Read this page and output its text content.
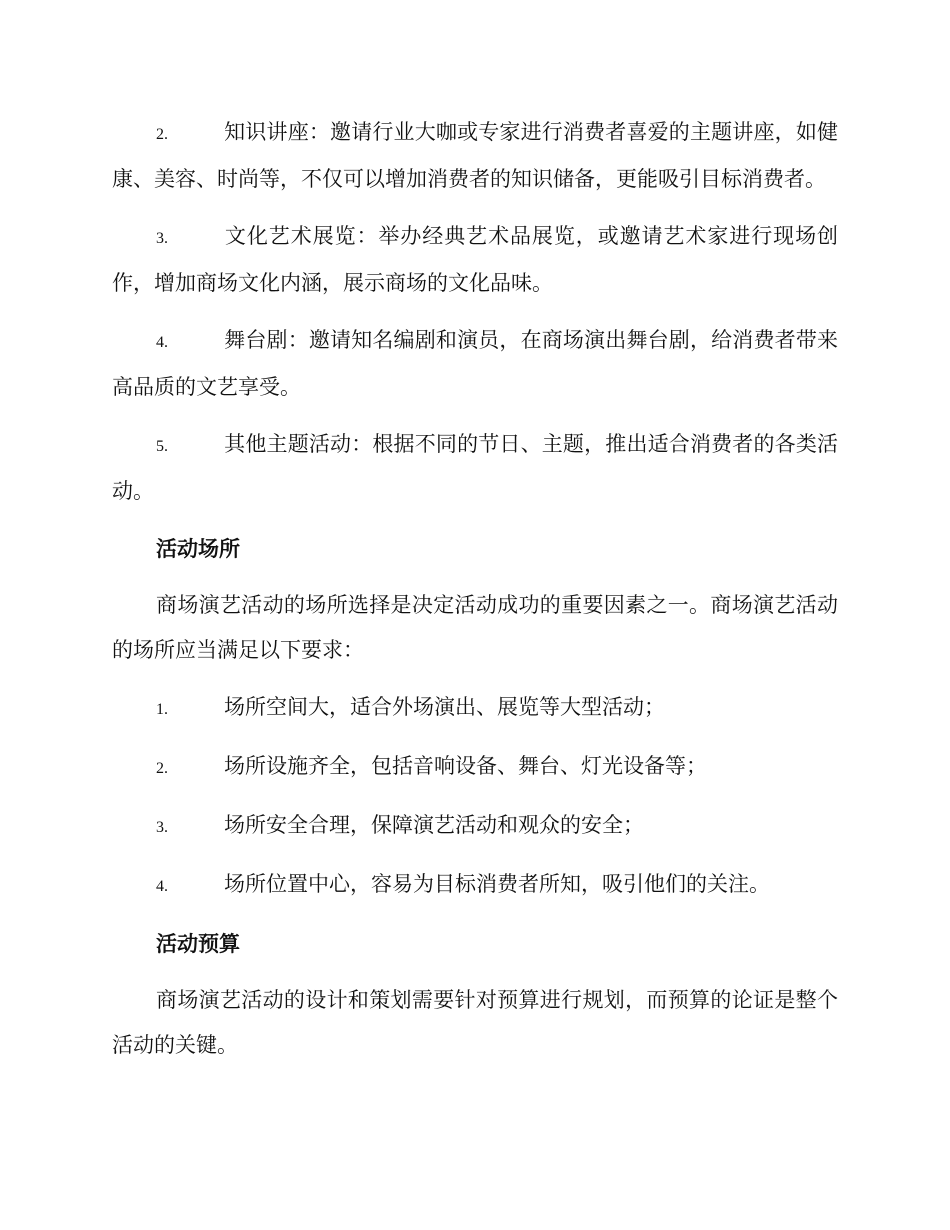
2.	知识讲座：邀请行业大咖或专家进行消费者喜爱的主题讲座，如健康、美容、时尚等，不仅可以增加消费者的知识储备，更能吸引目标消费者。

3.	文化艺术展览：举办经典艺术品展览，或邀请艺术家进行现场创作，增加商场文化内涵，展示商场的文化品味。

4.	舞台剧：邀请知名编剧和演员，在商场演出舞台剧，给消费者带来高品质的文艺享受。

5.	其他主题活动：根据不同的节日、主题，推出适合消费者的各类活动。

活动场所

商场演艺活动的场所选择是决定活动成功的重要因素之一。商场演艺活动的场所应当满足以下要求：

1.	场所空间大，适合外场演出、展览等大型活动；

2.	场所设施齐全，包括音响设备、舞台、灯光设备等；

3.	场所安全合理，保障演艺活动和观众的安全；

4.	场所位置中心，容易为目标消费者所知，吸引他们的关注。

活动预算

商场演艺活动的设计和策划需要针对预算进行规划，而预算的论证是整个活动的关键。
